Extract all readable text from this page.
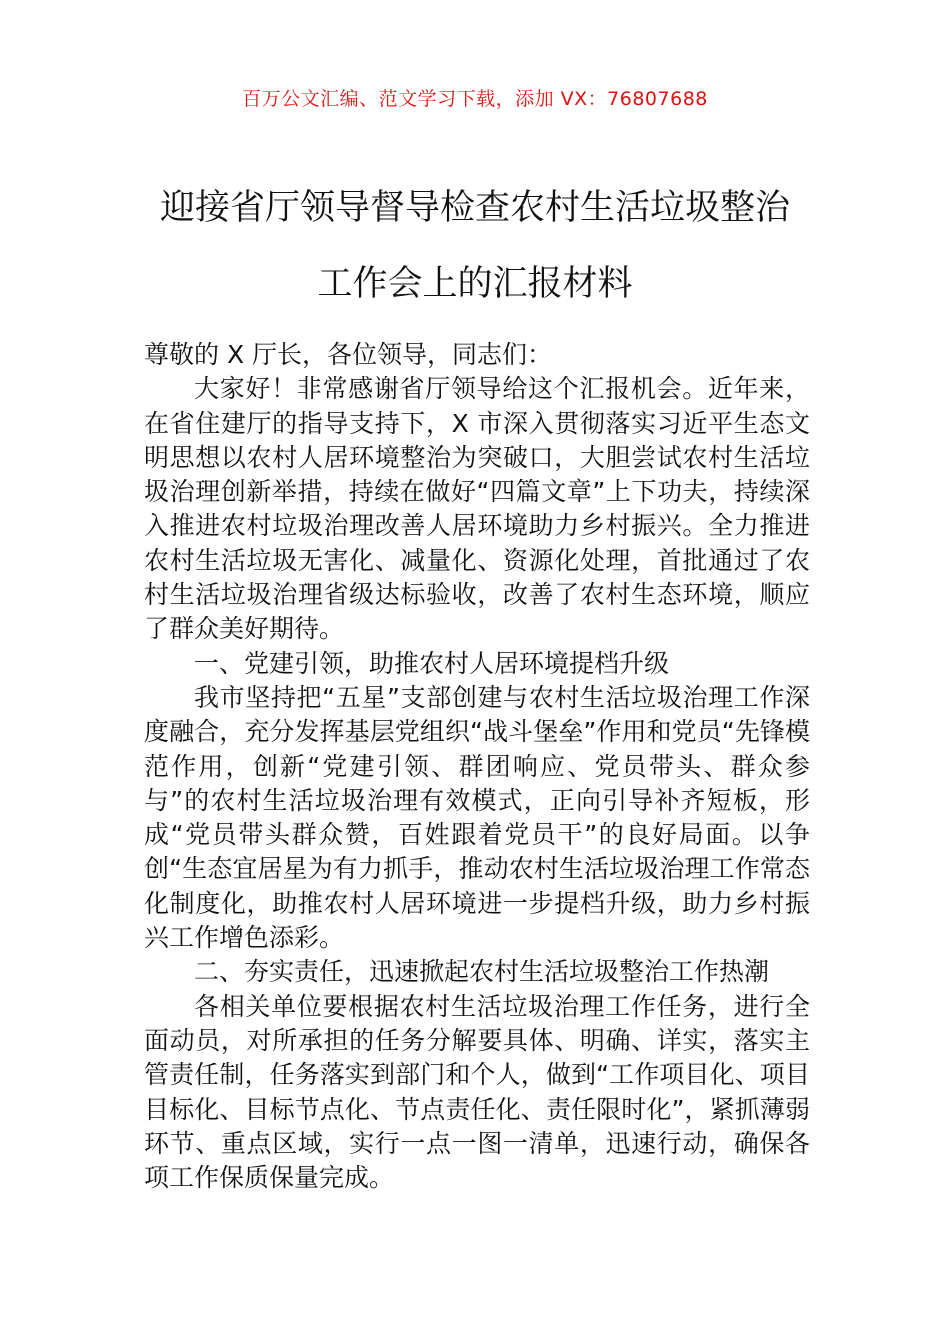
百万公文汇编、范文学习下载，添加 VX：76807688
迎接省厅领导督导检查农村生活垃圾整治
工作会上的汇报材料

尊敬的 X 厅长，各位领导，同志们：

大家好！非常感谢省厅领导给这个汇报机会。近年来，在省住建厅的指导支持下，X 市深入贯彻落实习近平生态文明思想以农村人居环境整治为突破口，大胆尝试农村生活垃圾治理创新举措，持续在做好“四篇文章”上下功夫，持续深入推进农村垃圾治理改善人居环境助力乡村振兴。全力推进农村生活垃圾无害化、减量化、资源化处理，首批通过了农村生活垃圾治理省级达标验收，改善了农村生态环境，顺应了群众美好期待。

一、党建引领，助推农村人居环境提档升级

我市坚持把“五星”支部创建与农村生活垃圾治理工作深度融合，充分发挥基层党组织“战斗堡垒”作用和党员“先锋模范作用，创新“党建引领、群团响应、党员带头、群众参与”的农村生活垃圾治理有效模式，正向引导补齐短板，形成“党员带头群众赞，百姓跟着党员干”的良好局面。以争创“生态宜居星为有力抓手，推动农村生活垃圾治理工作常态化制度化，助推农村人居环境进一步提档升级，助力乡村振兴工作增色添彩。

二、夯实责任，迅速掀起农村生活垃圾整治工作热潮

各相关单位要根据农村生活垃圾治理工作任务，进行全面动员，对所承担的任务分解要具体、明确、详实，落实主管责任制，任务落实到部门和个人，做到“工作项目化、项目目标化、目标节点化、节点责任化、责任限时化”，紧抓薄弱环节、重点区域，实行一点一图一清单，迅速行动，确保各项工作保质保量完成。
